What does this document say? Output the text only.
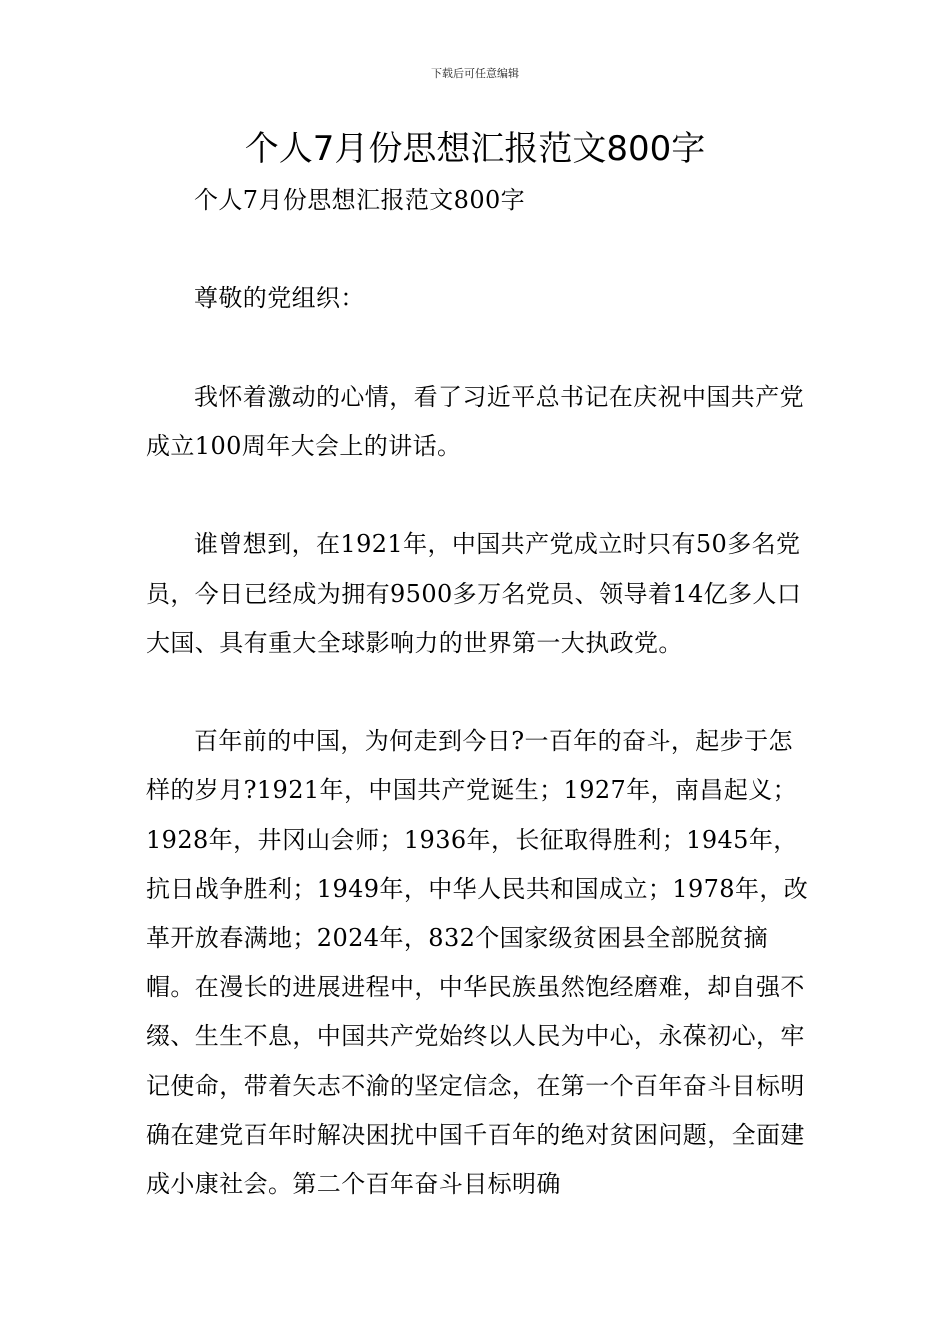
下载后可任意编辑
个人7月份思想汇报范文800字

个人7月份思想汇报范文800字

尊敬的党组织：

我怀着激动的心情，看了习近平总书记在庆祝中国共产党成立100周年大会上的讲话。

谁曾想到，在1921年，中国共产党成立时只有50多名党员，今日已经成为拥有9500多万名党员、领导着14亿多人口大国、具有重大全球影响力的世界第一大执政党。

百年前的中国，为何走到今日?一百年的奋斗，起步于怎样的岁月?1921年，中国共产党诞生；1927年，南昌起义；1928年，井冈山会师；1936年，长征取得胜利；1945年，抗日战争胜利；1949年，中华人民共和国成立；1978年，改革开放春满地；2024年，832个国家级贫困县全部脱贫摘帽。在漫长的进展进程中，中华民族虽然饱经磨难，却自强不缀、生生不息，中国共产党始终以人民为中心，永葆初心，牢记使命，带着矢志不渝的坚定信念，在第一个百年奋斗目标明确在建党百年时解决困扰中国千百年的绝对贫困问题，全面建成小康社会。第二个百年奋斗目标明确
